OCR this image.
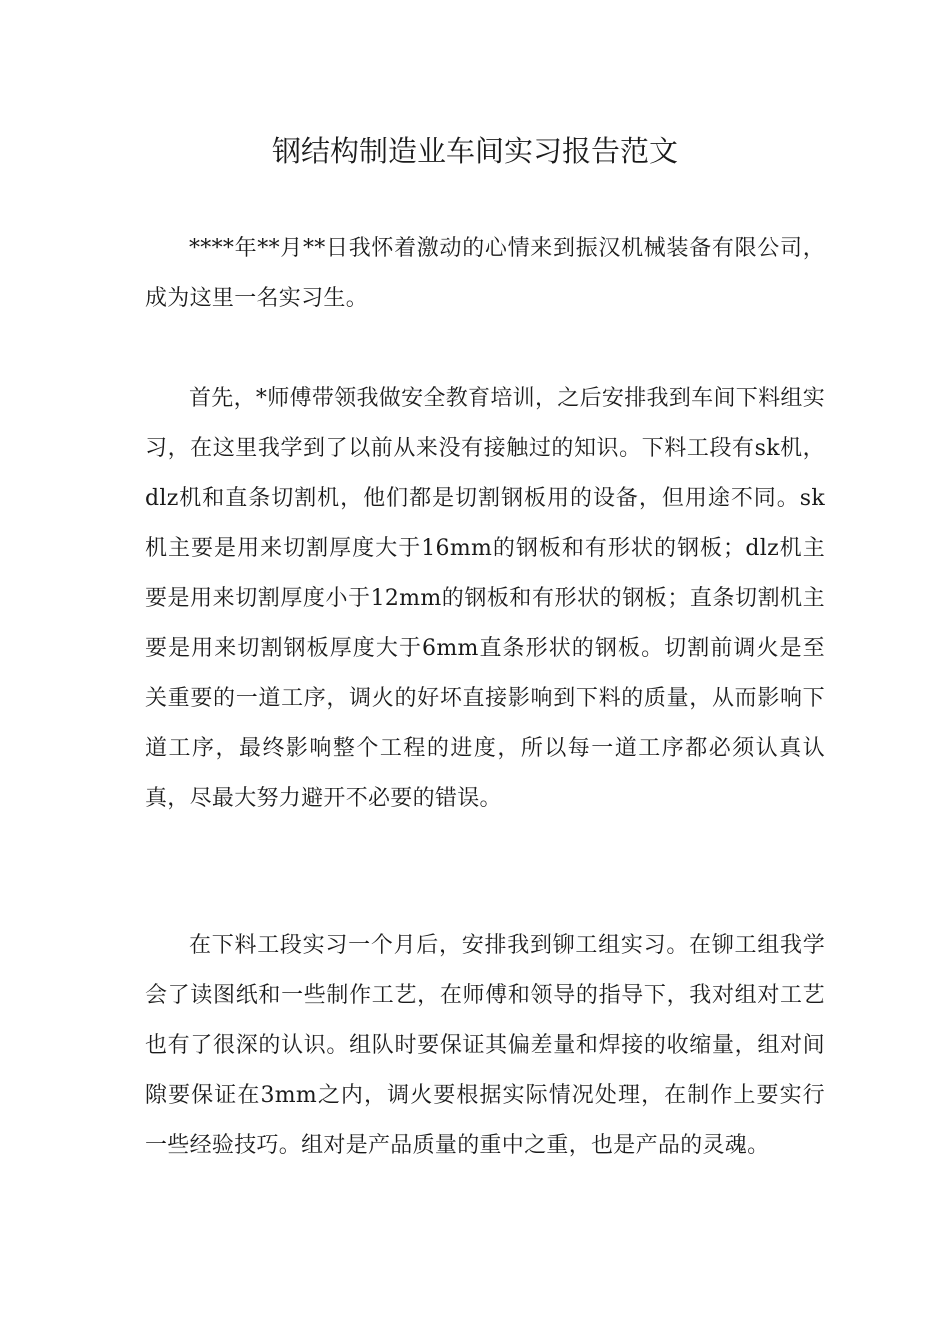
钢结构制造业车间实习报告范文

****年**月**日我怀着激动的心情来到振汉机械装备有限公司，成为这里一名实习生。

首先，*师傅带领我做安全教育培训，之后安排我到车间下料组实习，在这里我学到了以前从来没有接触过的知识。下料工段有sk机，dlz机和直条切割机，他们都是切割钢板用的设备，但用途不同。sk机主要是用来切割厚度大于16mm的钢板和有形状的钢板；dlz机主要是用来切割厚度小于12mm的钢板和有形状的钢板；直条切割机主要是用来切割钢板厚度大于6mm直条形状的钢板。切割前调火是至关重要的一道工序，调火的好坏直接影响到下料的质量，从而影响下道工序，最终影响整个工程的进度，所以每一道工序都必须认真认真，尽最大努力避开不必要的错误。

在下料工段实习一个月后，安排我到铆工组实习。在铆工组我学会了读图纸和一些制作工艺，在师傅和领导的指导下，我对组对工艺也有了很深的认识。组队时要保证其偏差量和焊接的收缩量，组对间隙要保证在3mm之内，调火要根据实际情况处理，在制作上要实行一些经验技巧。组对是产品质量的重中之重，也是产品的灵魂。
